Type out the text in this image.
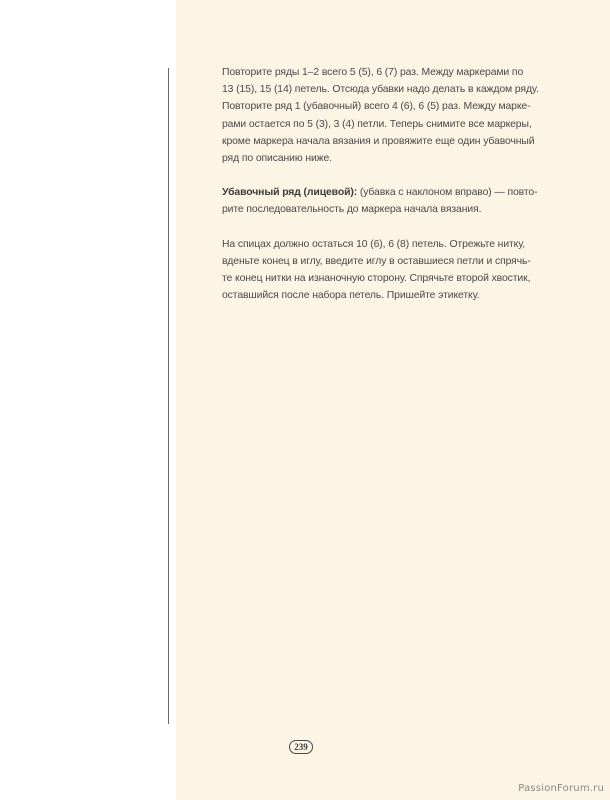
Повторите ряды 1–2 всего 5 (5), 6 (7) раз. Между маркерами по
13 (15), 15 (14) петель. Отсюда убавки надо делать в каждом ряду.
Повторите ряд 1 (убавочный) всего 4 (6), 6 (5) раз. Между марке-
рами остается по 5 (3), 3 (4) петли. Теперь снимите все маркеры,
кроме маркера начала вязания и провяжите еще один убавочный
ряд по описанию ниже.

Убавочный ряд (лицевой): (убавка с наклоном вправо) — повто-
рите последовательность до маркера начала вязания.

На спицах должно остаться 10 (6), 6 (8) петель. Отрежьте нитку,
вденьте конец в иглу, введите иглу в оставшиеся петли и спрячь-
те конец нитки на изнаночную сторону. Спрячьте второй хвостик,
оставшийся после набора петель. Пришейте этикетку.

239
PassionForum.ru
